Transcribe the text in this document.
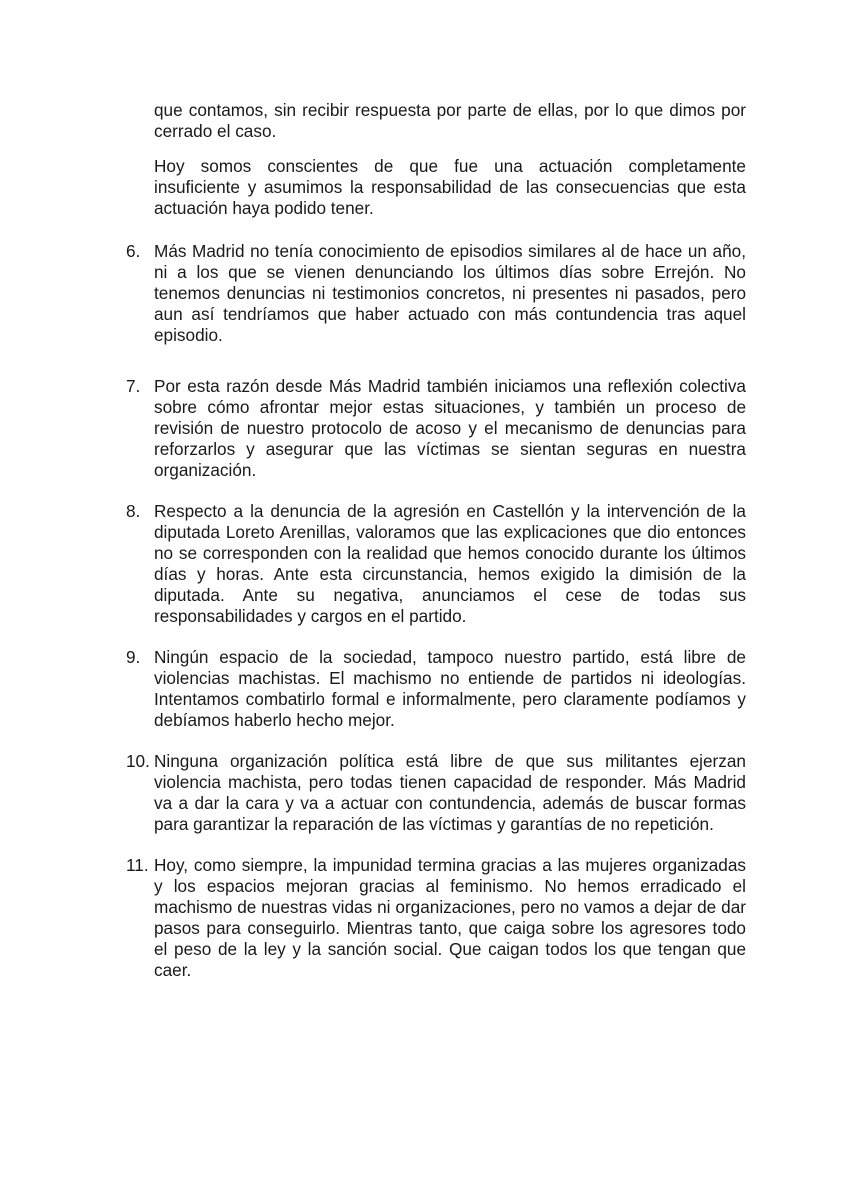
que contamos, sin recibir respuesta por parte de ellas, por lo que dimos por cerrado el caso.

Hoy somos conscientes de que fue una actuación completamente insuficiente y asumimos la responsabilidad de las consecuencias que esta actuación haya podido tener.

6. Más Madrid no tenía conocimiento de episodios similares al de hace un año, ni a los que se vienen denunciando los últimos días sobre Errejón. No tenemos denuncias ni testimonios concretos, ni presentes ni pasados, pero aun así tendríamos que haber actuado con más contundencia tras aquel episodio.
7. Por esta razón desde Más Madrid también iniciamos una reflexión colectiva sobre cómo afrontar mejor estas situaciones, y también un proceso de revisión de nuestro protocolo de acoso y el mecanismo de denuncias para reforzarlos y asegurar que las víctimas se sientan seguras en nuestra organización.
8. Respecto a la denuncia de la agresión en Castellón y la intervención de la diputada Loreto Arenillas, valoramos que las explicaciones que dio entonces no se corresponden con la realidad que hemos conocido durante los últimos días y horas. Ante esta circunstancia, hemos exigido la dimisión de la diputada. Ante su negativa, anunciamos el cese de todas sus responsabilidades y cargos en el partido.
9. Ningún espacio de la sociedad, tampoco nuestro partido, está libre de violencias machistas. El machismo no entiende de partidos ni ideologías. Intentamos combatirlo formal e informalmente, pero claramente podíamos y debíamos haberlo hecho mejor.
10. Ninguna organización política está libre de que sus militantes ejerzan violencia machista, pero todas tienen capacidad de responder. Más Madrid va a dar la cara y va a actuar con contundencia, además de buscar formas para garantizar la reparación de las víctimas y garantías de no repetición.
11. Hoy, como siempre, la impunidad termina gracias a las mujeres organizadas y los espacios mejoran gracias al feminismo. No hemos erradicado el machismo de nuestras vidas ni organizaciones, pero no vamos a dejar de dar pasos para conseguirlo. Mientras tanto, que caiga sobre los agresores todo el peso de la ley y la sanción social. Que caigan todos los que tengan que caer.
